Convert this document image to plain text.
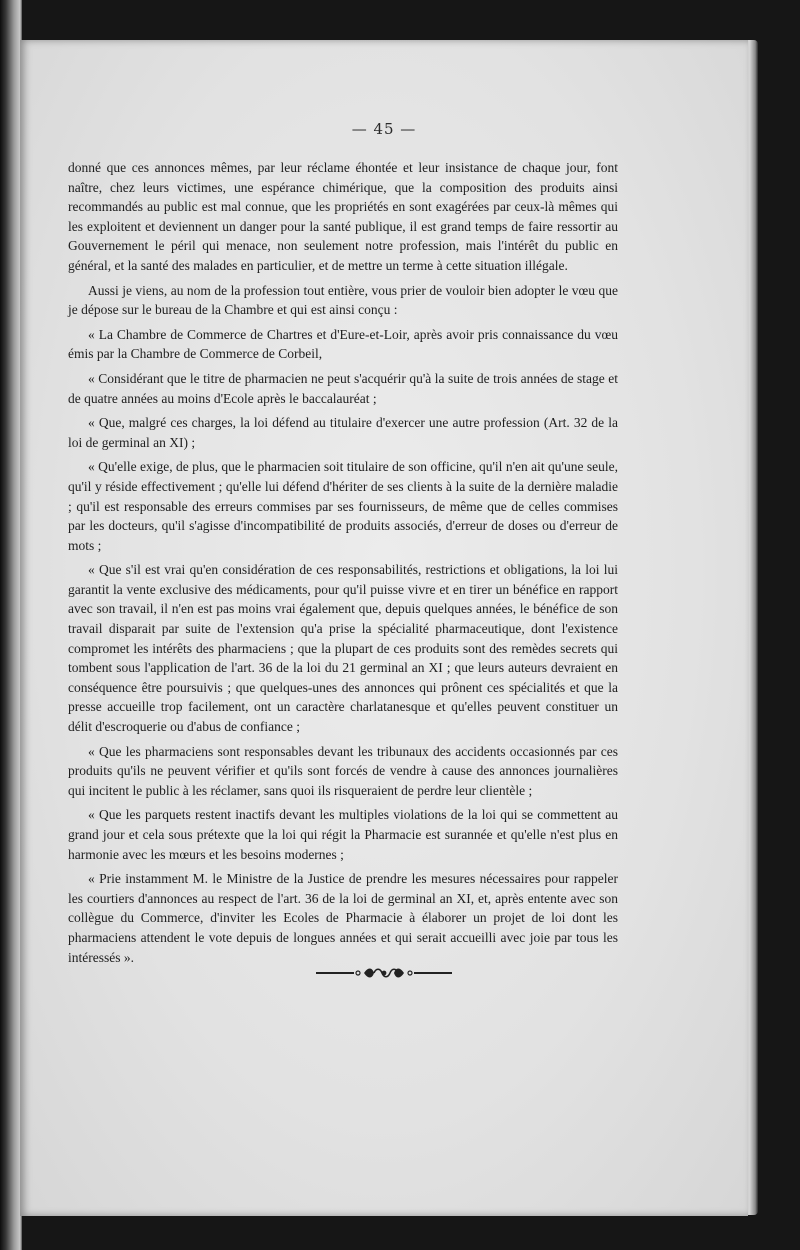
— 45 —

donné que ces annonces mêmes, par leur réclame éhontée et leur insistance de chaque jour, font naître, chez leurs victimes, une espérance chimérique, que la composition des produits ainsi recommandés au public est mal connue, que les propriétés en sont exagérées par ceux-là mêmes qui les exploitent et deviennent un danger pour la santé publique, il est grand temps de faire ressortir au Gouvernement le péril qui menace, non seulement notre profession, mais l'intérêt du public en général, et la santé des malades en particulier, et de mettre un terme à cette situation illégale.

Aussi je viens, au nom de la profession tout entière, vous prier de vouloir bien adopter le vœu que je dépose sur le bureau de la Chambre et qui est ainsi conçu :

« La Chambre de Commerce de Chartres et d'Eure-et-Loir, après avoir pris connaissance du vœu émis par la Chambre de Commerce de Corbeil,

« Considérant que le titre de pharmacien ne peut s'acquérir qu'à la suite de trois années de stage et de quatre années au moins d'Ecole après le baccalauréat ;

« Que, malgré ces charges, la loi défend au titulaire d'exercer une autre profession (Art. 32 de la loi de germinal an XI) ;

« Qu'elle exige, de plus, que le pharmacien soit titulaire de son officine, qu'il n'en ait qu'une seule, qu'il y réside effectivement ; qu'elle lui défend d'hériter de ses clients à la suite de la dernière maladie ; qu'il est responsable des erreurs commises par ses fournisseurs, de même que de celles commises par les docteurs, qu'il s'agisse d'incompatibilité de produits associés, d'erreur de doses ou d'erreur de mots ;

« Que s'il est vrai qu'en considération de ces responsabilités, restrictions et obligations, la loi lui garantit la vente exclusive des médicaments, pour qu'il puisse vivre et en tirer un bénéfice en rapport avec son travail, il n'en est pas moins vrai également que, depuis quelques années, le bénéfice de son travail disparait par suite de l'extension qu'a prise la spécialité pharmaceutique, dont l'existence compromet les intérêts des pharmaciens ; que la plupart de ces produits sont des remèdes secrets qui tombent sous l'application de l'art. 36 de la loi du 21 germinal an XI ; que leurs auteurs devraient en conséquence être poursuivis ; que quelques-unes des annonces qui prônent ces spécialités et que la presse accueille trop facilement, ont un caractère charlatanesque et qu'elles peuvent constituer un délit d'escroquerie ou d'abus de confiance ;

« Que les pharmaciens sont responsables devant les tribunaux des accidents occasionnés par ces produits qu'ils ne peuvent vérifier et qu'ils sont forcés de vendre à cause des annonces journalières qui incitent le public à les réclamer, sans quoi ils risqueraient de perdre leur clientèle ;

« Que les parquets restent inactifs devant les multiples violations de la loi qui se commettent au grand jour et cela sous prétexte que la loi qui régit la Pharmacie est surannée et qu'elle n'est plus en harmonie avec les mœurs et les besoins modernes ;

« Prie instamment M. le Ministre de la Justice de prendre les mesures nécessaires pour rappeler les courtiers d'annonces au respect de l'art. 36 de la loi de germinal an XI, et, après entente avec son collègue du Commerce, d'inviter les Ecoles de Pharmacie à élaborer un projet de loi dont les pharmaciens attendent le vote depuis de longues années et qui serait accueilli avec joie par tous les intéressés ».
